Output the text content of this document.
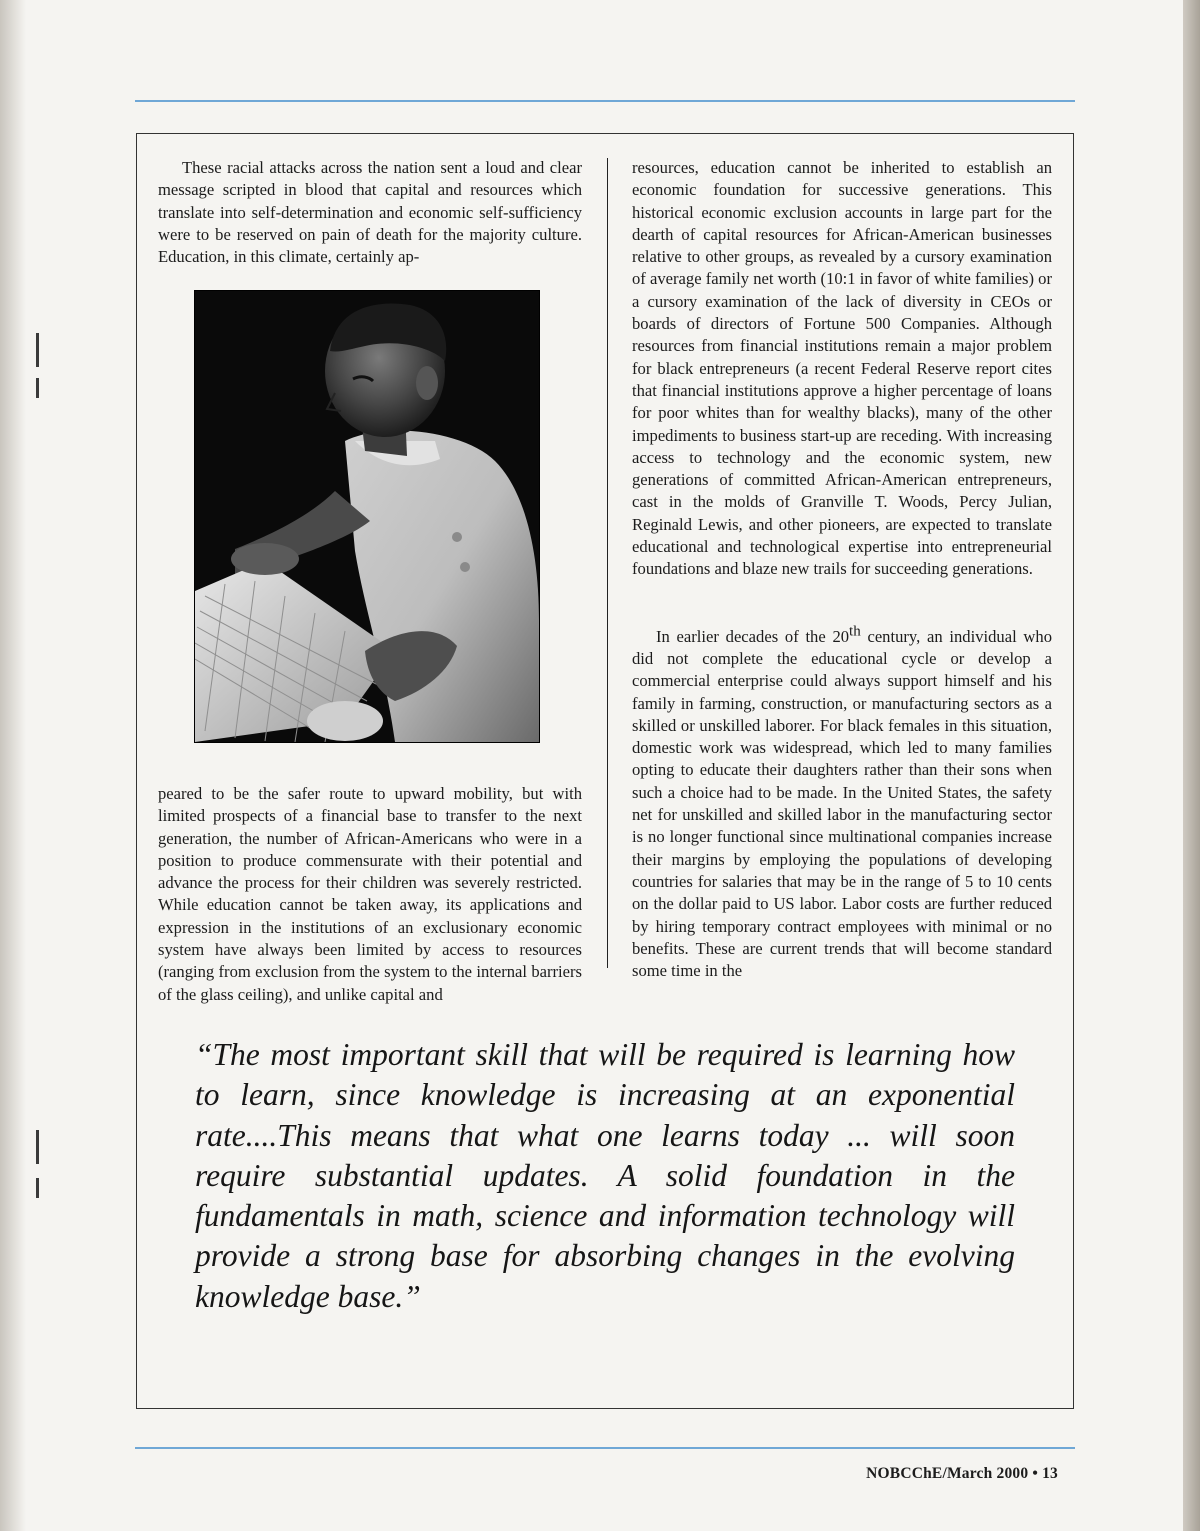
These racial attacks across the nation sent a loud and clear message scripted in blood that capital and resources which translate into self-determination and economic self-sufficiency were to be reserved on pain of death for the majority culture. Education, in this climate, certainly ap-

peared to be the safer route to upward mobility, but with limited prospects of a financial base to transfer to the next generation, the number of African-Americans who were in a position to produce commensurate with their potential and advance the process for their children was severely restricted. While education cannot be taken away, its applications and expression in the institutions of an exclusionary economic system have always been limited by access to resources (ranging from exclusion from the system to the internal barriers of the glass ceiling), and unlike capital and

resources, education cannot be inherited to establish an economic foundation for successive generations. This historical economic exclusion accounts in large part for the dearth of capital resources for African-American businesses relative to other groups, as revealed by a cursory examination of average family net worth (10:1 in favor of white families) or a cursory examination of the lack of diversity in CEOs or boards of directors of Fortune 500 Companies. Although resources from financial institutions remain a major problem for black entrepreneurs (a recent Federal Reserve report cites that financial institutions approve a higher percentage of loans for poor whites than for wealthy blacks), many of the other impediments to business start-up are receding. With increasing access to technology and the economic system, new generations of committed African-American entrepreneurs, cast in the molds of Granville T. Woods, Percy Julian, Reginald Lewis, and other pioneers, are expected to translate educational and technological expertise into entrepreneurial foundations and blaze new trails for succeeding generations.

In earlier decades of the 20th century, an individual who did not complete the educational cycle or develop a commercial enterprise could always support himself and his family in farming, construction, or manufacturing sectors as a skilled or unskilled laborer. For black females in this situation, domestic work was widespread, which led to many families opting to educate their daughters rather than their sons when such a choice had to be made. In the United States, the safety net for unskilled and skilled labor in the manufacturing sector is no longer functional since multinational companies increase their margins by employing the populations of developing countries for salaries that may be in the range of 5 to 10 cents on the dollar paid to US labor. Labor costs are further reduced by hiring temporary contract employees with minimal or no benefits. These are current trends that will become standard some time in the

“The most important skill that will be required is learning how to learn, since knowledge is increasing at an exponential rate....This means that what one learns today ... will soon require substantial updates. A solid foundation in the fundamentals in math, science and information technology will provide a strong base for absorbing changes in the evolving knowledge base.”

NOBCChE/March 2000 • 13
